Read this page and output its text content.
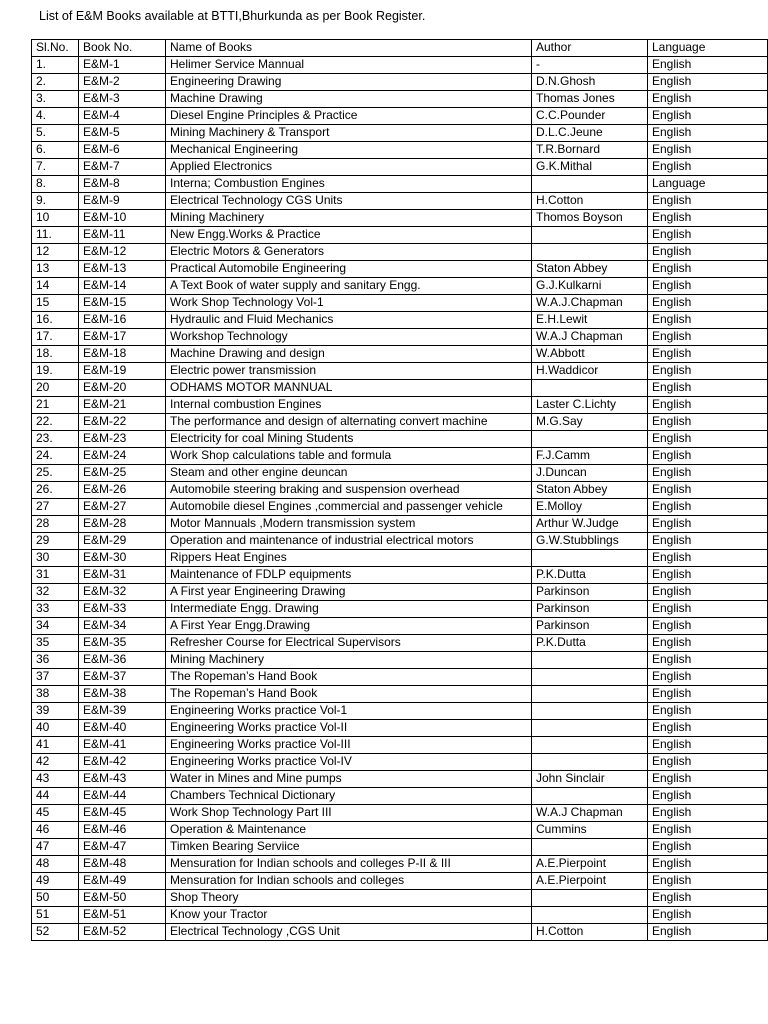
List of E&M Books available at BTTI,Bhurkunda as per Book Register.
Sl.No.	Book No.	Name of Books	Author	Language
1.	E&M-1	Helimer Service Mannual	-	English
2.	E&M-2	Engineering Drawing	D.N.Ghosh	English
3.	E&M-3	Machine Drawing	Thomas Jones	English
4.	E&M-4	Diesel Engine Principles & Practice	C.C.Pounder	English
5.	E&M-5	Mining Machinery & Transport	D.L.C.Jeune	English
6.	E&M-6	Mechanical Engineering	T.R.Bornard	English
7.	E&M-7	Applied Electronics	G.K.Mithal	English
8.	E&M-8	Interna; Combustion Engines		Language
9.	E&M-9	Electrical Technology CGS Units	H.Cotton	English
10	E&M-10	Mining Machinery	Thomos Boyson	English
11.	E&M-11	New Engg.Works & Practice		English
12	E&M-12	Electric Motors & Generators		English
13	E&M-13	Practical Automobile Engineering	Staton Abbey	English
14	E&M-14	A Text Book of water supply and sanitary Engg.	G.J.Kulkarni	English
15	E&M-15	Work Shop Technology Vol-1	W.A.J.Chapman	English
16.	E&M-16	Hydraulic and Fluid Mechanics	E.H.Lewit	English
17.	E&M-17	Workshop Technology	W.A.J Chapman	English
18.	E&M-18	Machine Drawing and design	W.Abbott	English
19.	E&M-19	Electric power transmission	H.Waddicor	English
20	E&M-20	ODHAMS MOTOR MANNUAL		English
21	E&M-21	Internal combustion Engines	Laster C.Lichty	English
22.	E&M-22	The performance and design of alternating convert machine	M.G.Say	English
23.	E&M-23	Electricity for coal Mining Students		English
24.	E&M-24	Work Shop calculations table and formula	F.J.Camm	English
25.	E&M-25	Steam and other engine deuncan	J.Duncan	English
26.	E&M-26	Automobile steering braking and suspension overhead	Staton Abbey	English
27	E&M-27	Automobile diesel Engines ,commercial and passenger vehicle	E.Molloy	English
28	E&M-28	Motor Mannuals ,Modern transmission system	Arthur W.Judge	English
29	E&M-29	Operation and maintenance of industrial electrical motors	G.W.Stubblings	English
30	E&M-30	Rippers Heat Engines		English
31	E&M-31	Maintenance of FDLP equipments	P.K.Dutta	English
32	E&M-32	A First year Engineering Drawing	Parkinson	English
33	E&M-33	Intermediate Engg. Drawing	Parkinson	English
34	E&M-34	A First Year Engg.Drawing	Parkinson	English
35	E&M-35	Refresher Course for Electrical Supervisors	P.K.Dutta	English
36	E&M-36	Mining Machinery		English
37	E&M-37	The Ropeman’s Hand Book		English
38	E&M-38	The Ropeman’s Hand Book		English
39	E&M-39	Engineering Works practice Vol-1		English
40	E&M-40	Engineering Works practice Vol-II		English
41	E&M-41	Engineering Works practice Vol-III		English
42	E&M-42	Engineering Works practice Vol-IV		English
43	E&M-43	Water in Mines and Mine pumps	John Sinclair	English
44	E&M-44	Chambers Technical Dictionary		English
45	E&M-45	Work Shop Technology Part III	W.A.J Chapman	English
46	E&M-46	Operation & Maintenance	Cummins	English
47	E&M-47	Timken Bearing Serviice		English
48	E&M-48	Mensuration for Indian schools and colleges P-II & III	A.E.Pierpoint	English
49	E&M-49	Mensuration for Indian schools and colleges	A.E.Pierpoint	English
50	E&M-50	Shop Theory		English
51	E&M-51	Know your Tractor		English
52	E&M-52	Electrical Technology ,CGS Unit	H.Cotton	English
